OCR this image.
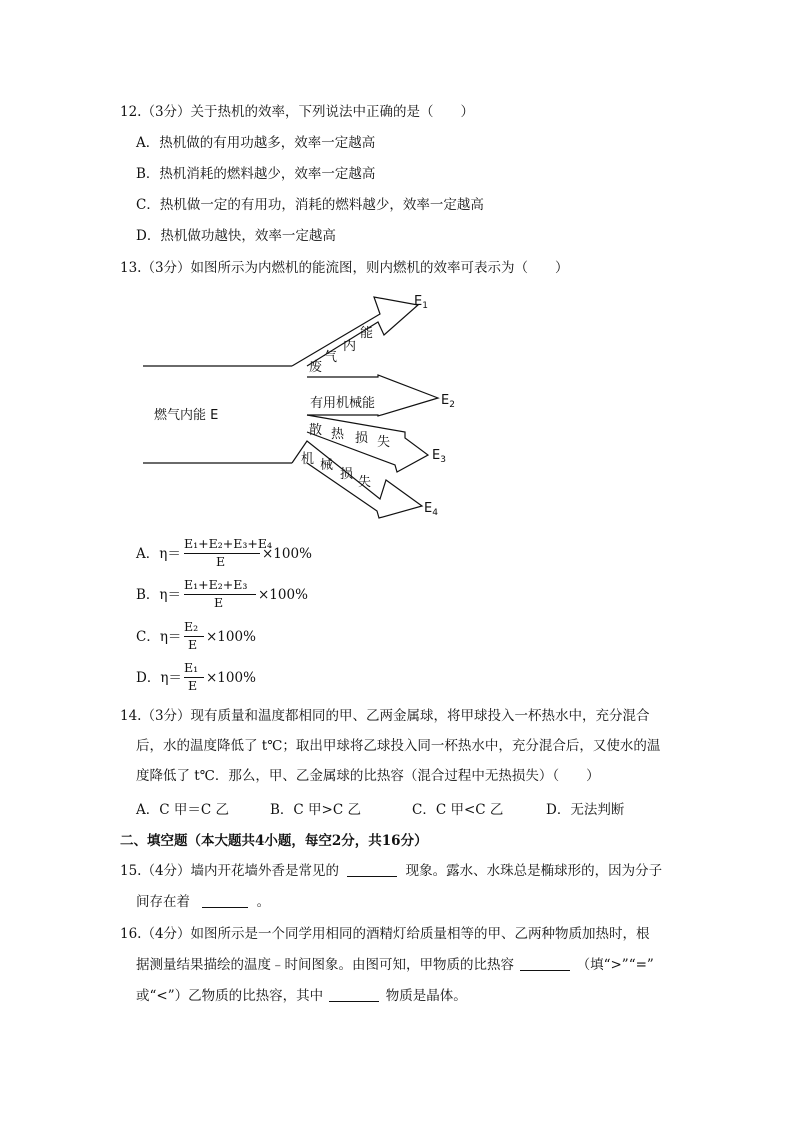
12.（3分）关于热机的效率，下列说法中正确的是（　　）
A．热机做的有用功越多，效率一定越高
B．热机消耗的燃料越少，效率一定越高
C．热机做一定的有用功，消耗的燃料越少，效率一定越高
D．热机做功越快，效率一定越高
13.（3分）如图所示为内燃机的能流图，则内燃机的效率可表示为（　　）
废
气
内
能
燃气内能 E
有用机械能
散 热 损 失
机 械
损
失
$E_1$
$E_2$
$E_3$
$E_4$
A．η＝
E₁+E₂+E₃+E₄
E	×100%
B．η＝
E₁+E₂+E₃
E	×100%
C．η＝
E₂
E ×100%
D．η＝
E₁
E ×100%
14.（3分）现有质量和温度都相同的甲、乙两金属球，将甲球投入一杯热水中，充分混合
后，水的温度降低了 t℃；取出甲球将乙球投入同一杯热水中，充分混合后，又使水的温
度降低了 t℃．那么，甲、乙金属球的比热容（混合过程中无热损失）（　　）
A．C 甲＝C 乙	B．C 甲>C 乙	C．C 甲<C 乙	D．无法判断
二、填空题（本大题共4小题，每空2分，共16分）
15.（4分）墙内开花墙外香是常见的	现象。露水、水珠总是椭球形的，因为分子
间存在着	。
16.（4分）如图所示是一个同学用相同的酒精灯给质量相等的甲、乙两种物质加热时，根
据测量结果描绘的温度﹣时间图象。由图可知，甲物质的比热容	（填“>”“=”
或“<”）乙物质的比热容，其中	物质是晶体。
